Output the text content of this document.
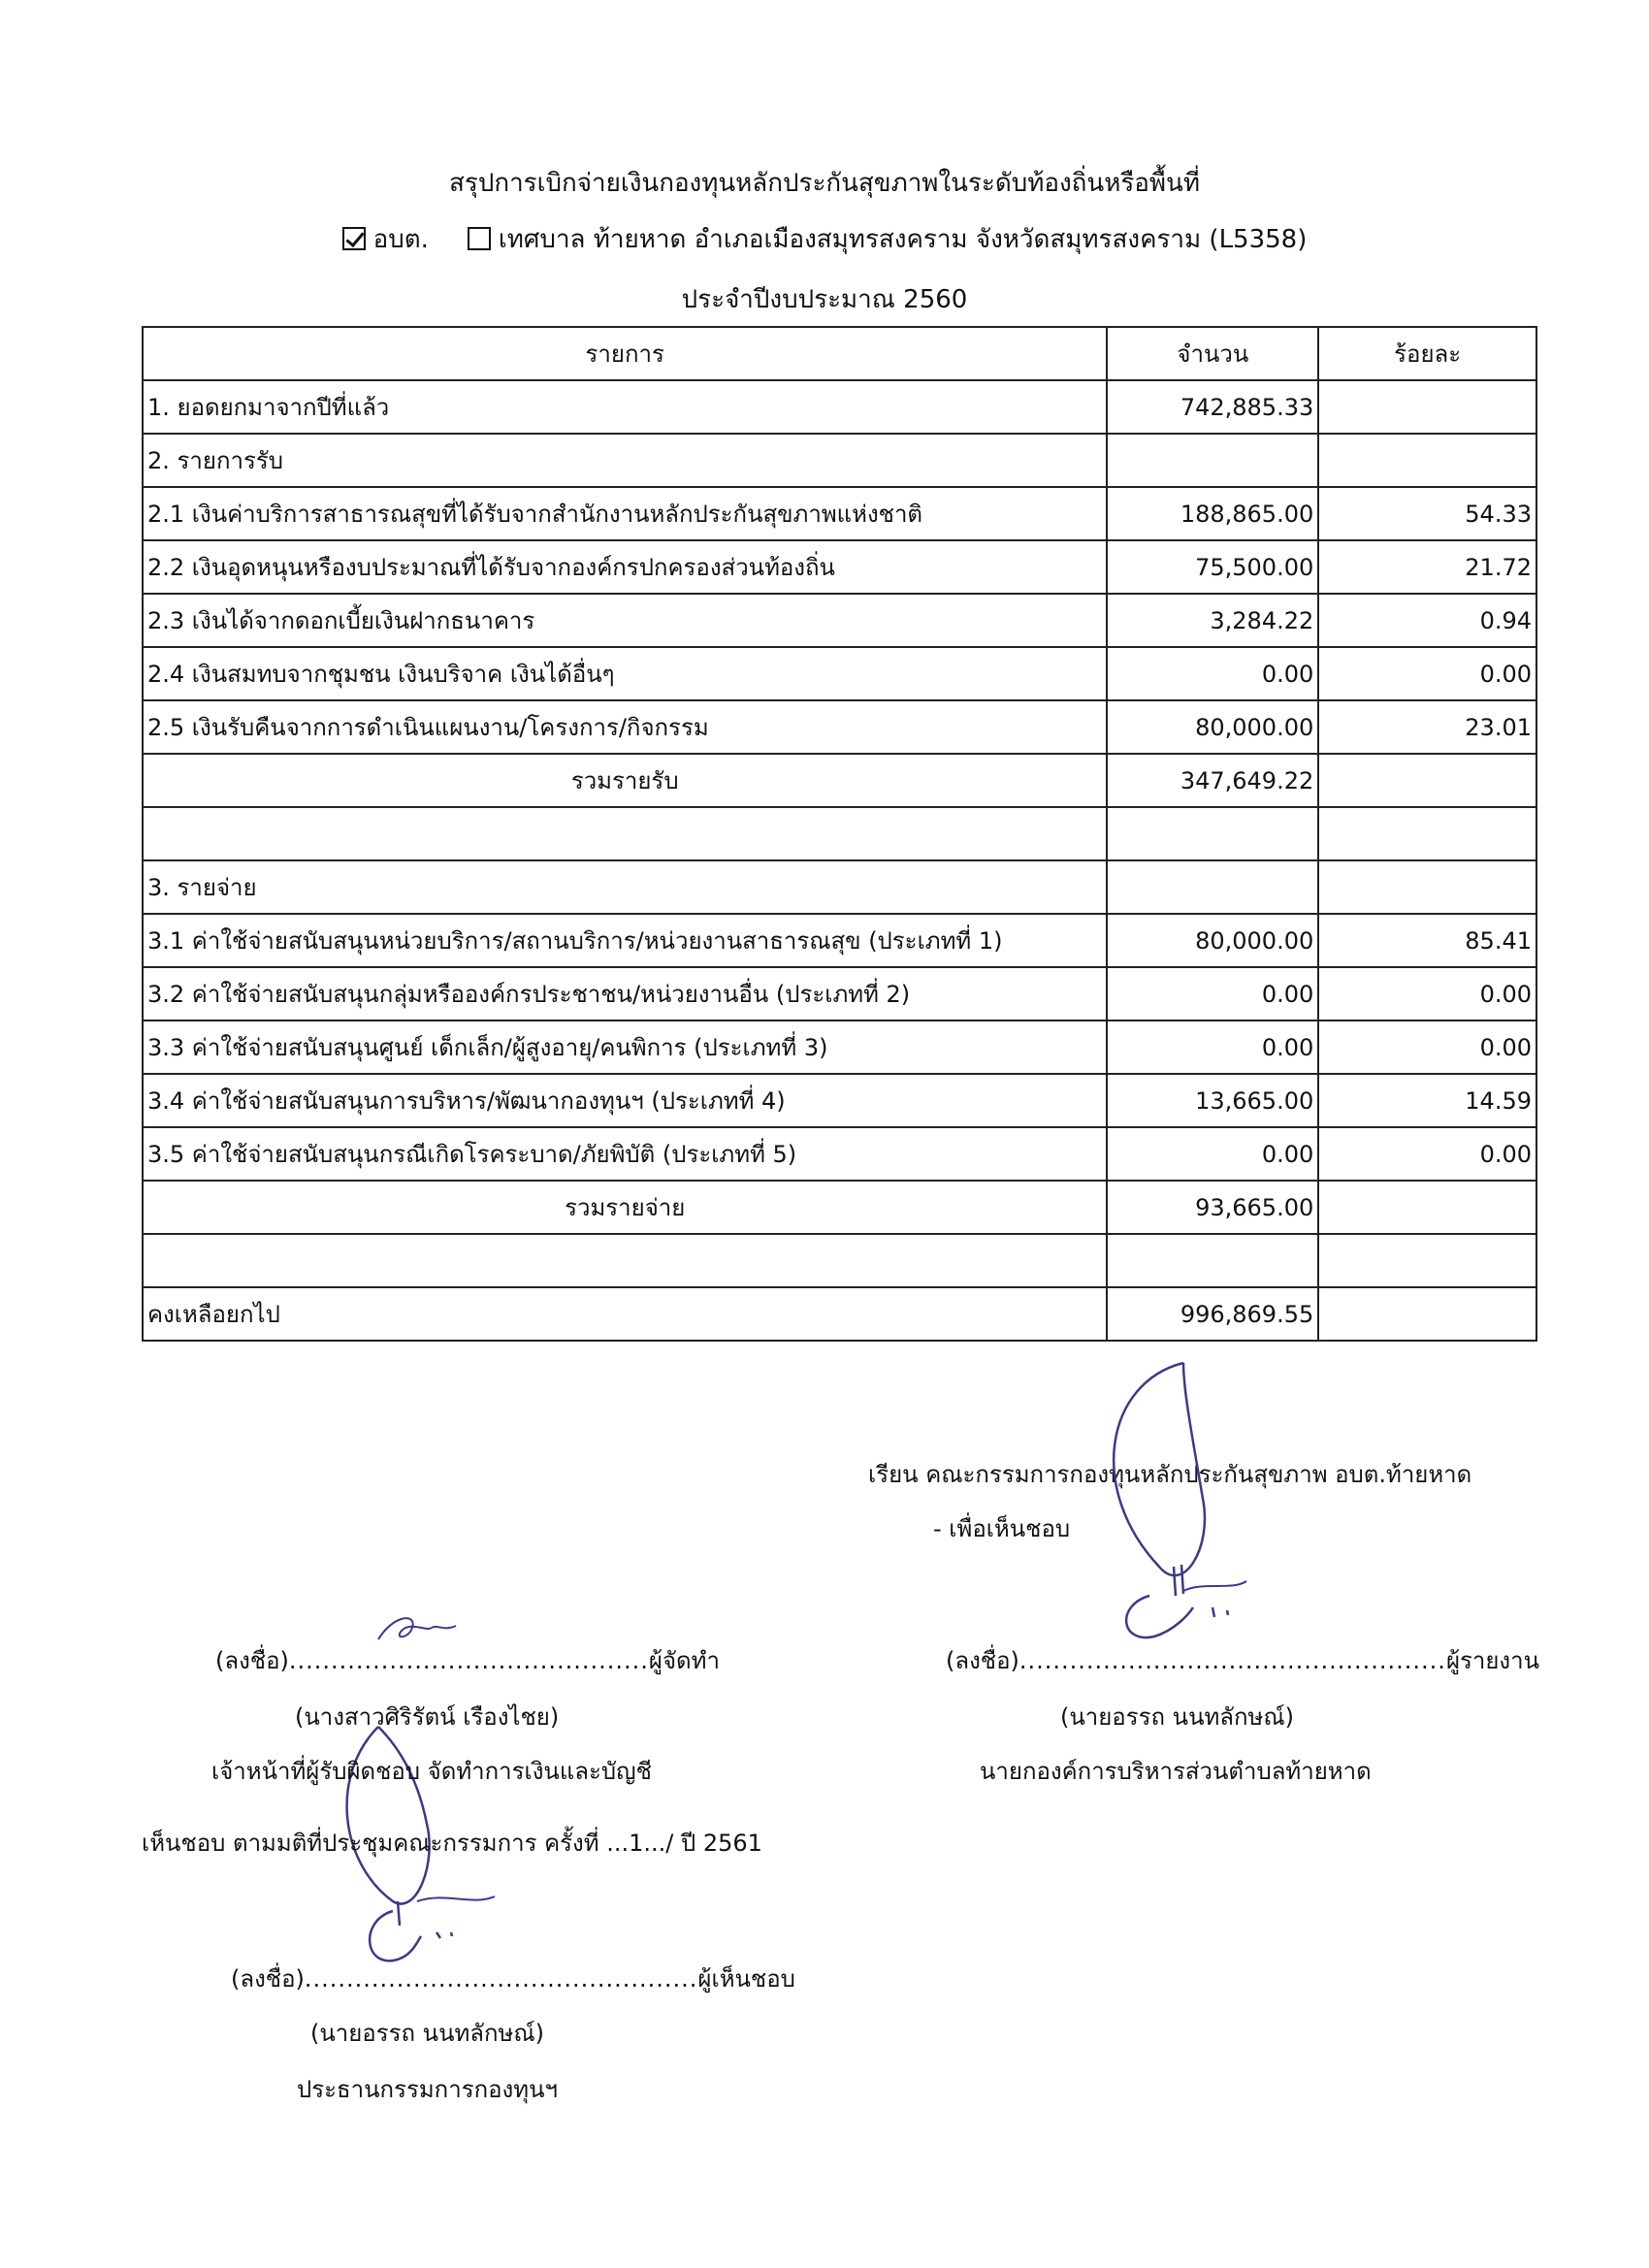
สรุปการเบิกจ่ายเงินกองทุนหลักประกันสุขภาพในระดับท้องถิ่นหรือพื้นที่
อบต.	เทศบาล ท้ายหาด อำเภอเมืองสมุทรสงคราม จังหวัดสมุทรสงคราม (L5358)
ประจำปีงบประมาณ 2560
รายการ	จำนวน	ร้อยละ
1. ยอดยกมาจากปีที่แล้ว	742,885.33	
2. รายการรับ		
2.1 เงินค่าบริการสาธารณสุขที่ได้รับจากสำนักงานหลักประกันสุขภาพแห่งชาติ	188,865.00	54.33
2.2 เงินอุดหนุนหรืองบประมาณที่ได้รับจากองค์กรปกครองส่วนท้องถิ่น	75,500.00	21.72
2.3 เงินได้จากดอกเบี้ยเงินฝากธนาคาร	3,284.22	0.94
2.4 เงินสมทบจากชุมชน เงินบริจาค เงินได้อื่นๆ	0.00	0.00
2.5 เงินรับคืนจากการดำเนินแผนงาน/โครงการ/กิจกรรม	80,000.00	23.01
รวมรายรับ	347,649.22	

3. รายจ่าย		
3.1 ค่าใช้จ่ายสนับสนุนหน่วยบริการ/สถานบริการ/หน่วยงานสาธารณสุข (ประเภทที่ 1)	80,000.00	85.41
3.2 ค่าใช้จ่ายสนับสนุนกลุ่มหรือองค์กรประชาชน/หน่วยงานอื่น (ประเภทที่ 2)	0.00	0.00
3.3 ค่าใช้จ่ายสนับสนุนศูนย์ เด็กเล็ก/ผู้สูงอายุ/คนพิการ (ประเภทที่ 3)	0.00	0.00
3.4 ค่าใช้จ่ายสนับสนุนการบริหาร/พัฒนากองทุนฯ (ประเภทที่ 4)	13,665.00	14.59
3.5 ค่าใช้จ่ายสนับสนุนกรณีเกิดโรคระบาด/ภัยพิบัติ (ประเภทที่ 5)	0.00	0.00
รวมรายจ่าย	93,665.00	

คงเหลือยกไป	996,869.55	
เรียน คณะกรรมการกองทุนหลักประกันสุขภาพ อบต.ท้ายหาด
- เพื่อเห็นชอบ
(ลงชื่อ)...........................................ผู้จัดทำ
(นางสาวศิริรัตน์ เรืองไชย)
เจ้าหน้าที่ผู้รับผิดชอบ จัดทำการเงินและบัญชี
(ลงชื่อ)...................................................ผู้รายงาน
(นายอรรถ นนทลักษณ์)
นายกองค์การบริหารส่วนตำบลท้ายหาด
เห็นชอบ ตามมติที่ประชุมคณะกรรมการ ครั้งที่ ...1.../ ปี 2561
(ลงชื่อ)...............................................ผู้เห็นชอบ
(นายอรรถ นนทลักษณ์)
ประธานกรรมการกองทุนฯ
